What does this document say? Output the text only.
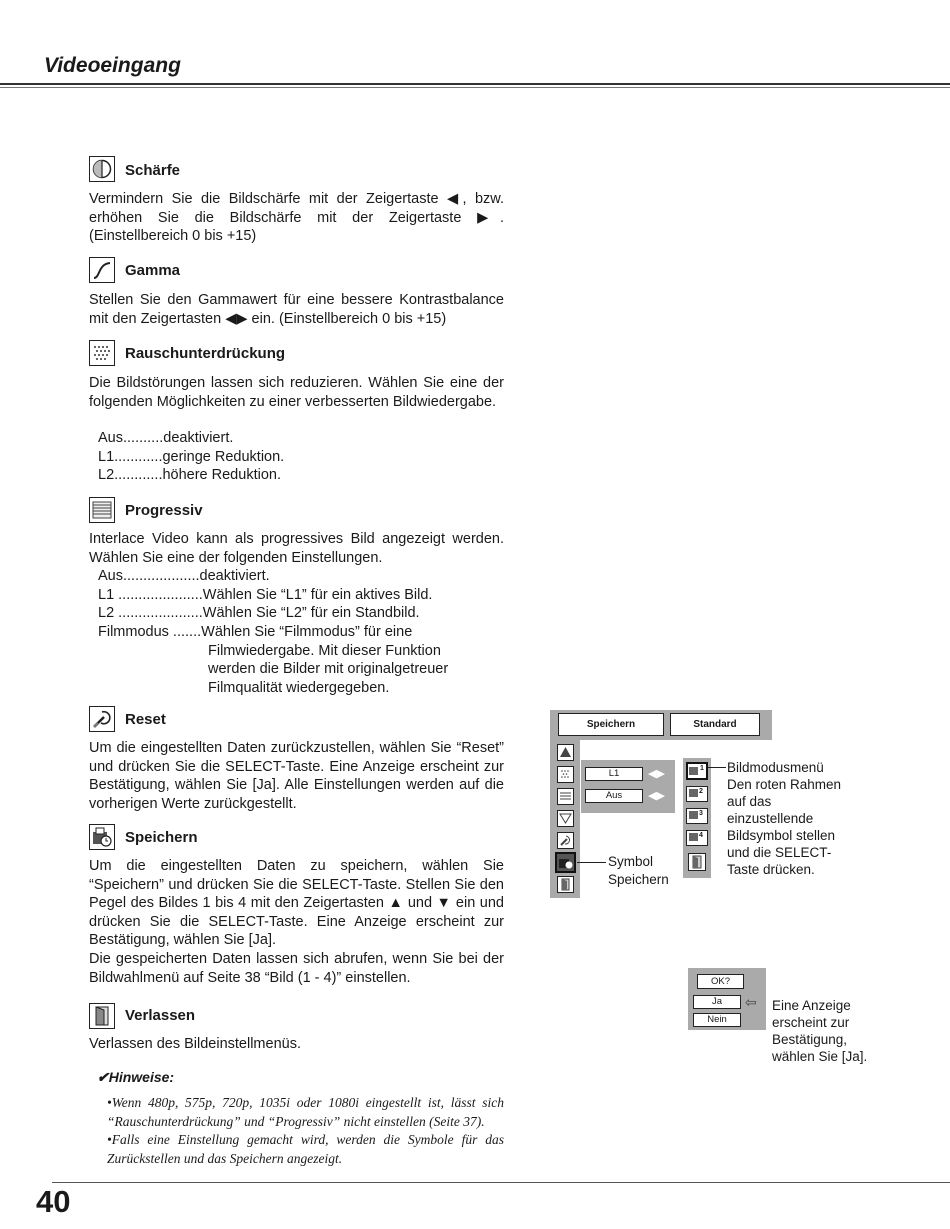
Videoeingang
Schärfe
Vermindern Sie die Bildschärfe mit der Zeigertaste ◀, bzw. erhöhen Sie die Bildschärfe mit der Zeigertaste ▶. (Einstellbereich 0 bis +15)
Gamma
Stellen Sie den Gammawert für eine bessere Kontrastbalance mit den Zeigertasten ◀▶ ein. (Einstellbereich 0 bis +15)
Rauschunterdrückung
Die Bildstörungen lassen sich reduzieren. Wählen Sie eine der folgenden Möglichkeiten zu einer verbesserten Bildwiedergabe.
Aus..........deaktiviert.
L1............geringe Reduktion.
L2............höhere Reduktion.
Progressiv
Interlace Video kann als progressives Bild angezeigt werden. Wählen Sie eine der folgenden Einstellungen.
Aus...................deaktiviert.
L1 .....................Wählen Sie “L1” für ein aktives Bild.
L2 .....................Wählen Sie “L2” für ein Standbild.
Filmmodus .......Wählen Sie “Filmmodus” für eine
Filmwiedergabe. Mit dieser Funktion
werden die Bilder mit originalgetreuer
Filmqualität wiedergegeben.
Reset
Um die eingestellten Daten zurückzustellen, wählen Sie “Reset” und drücken Sie die SELECT-Taste. Eine Anzeige erscheint zur Bestätigung, wählen Sie [Ja]. Alle Einstellungen werden auf die vorherigen Werte zurückgestellt.
Speichern
Um die eingestellten Daten zu speichern, wählen Sie “Speichern” und drücken Sie die SELECT-Taste. Stellen Sie den Pegel des Bildes 1 bis 4 mit den Zeigertasten ▲ und ▼ ein und drücken Sie die SELECT-Taste. Eine Anzeige erscheint zur Bestätigung, wählen Sie [Ja].
Die gespeicherten Daten lassen sich abrufen, wenn Sie bei der Bildwahlmenü auf Seite 38 “Bild (1 - 4)” einstellen.
Verlassen
Verlassen des Bildeinstellmenüs.
✔Hinweise:
•Wenn 480p, 575p, 720p, 1035i oder 1080i eingestellt ist, lässt sich “Rauschunterdrückung” und “Progressiv” nicht einstellen (Seite 37).
•Falls eine Einstellung gemacht wird, werden die Symbole für das Zurückstellen und das Speichern angezeigt.
Speichern	Standard
L1	◀▶
Aus	◀▶
1
2
3
4
Symbol
Speichern
Bildmodusmenü
Den roten Rahmen
auf das
einzustellende
Bildsymbol stellen
und die SELECT-
Taste drücken.
OK?
Ja	⇦
Nein
Eine Anzeige
erscheint zur
Bestätigung,
wählen Sie [Ja].
40
